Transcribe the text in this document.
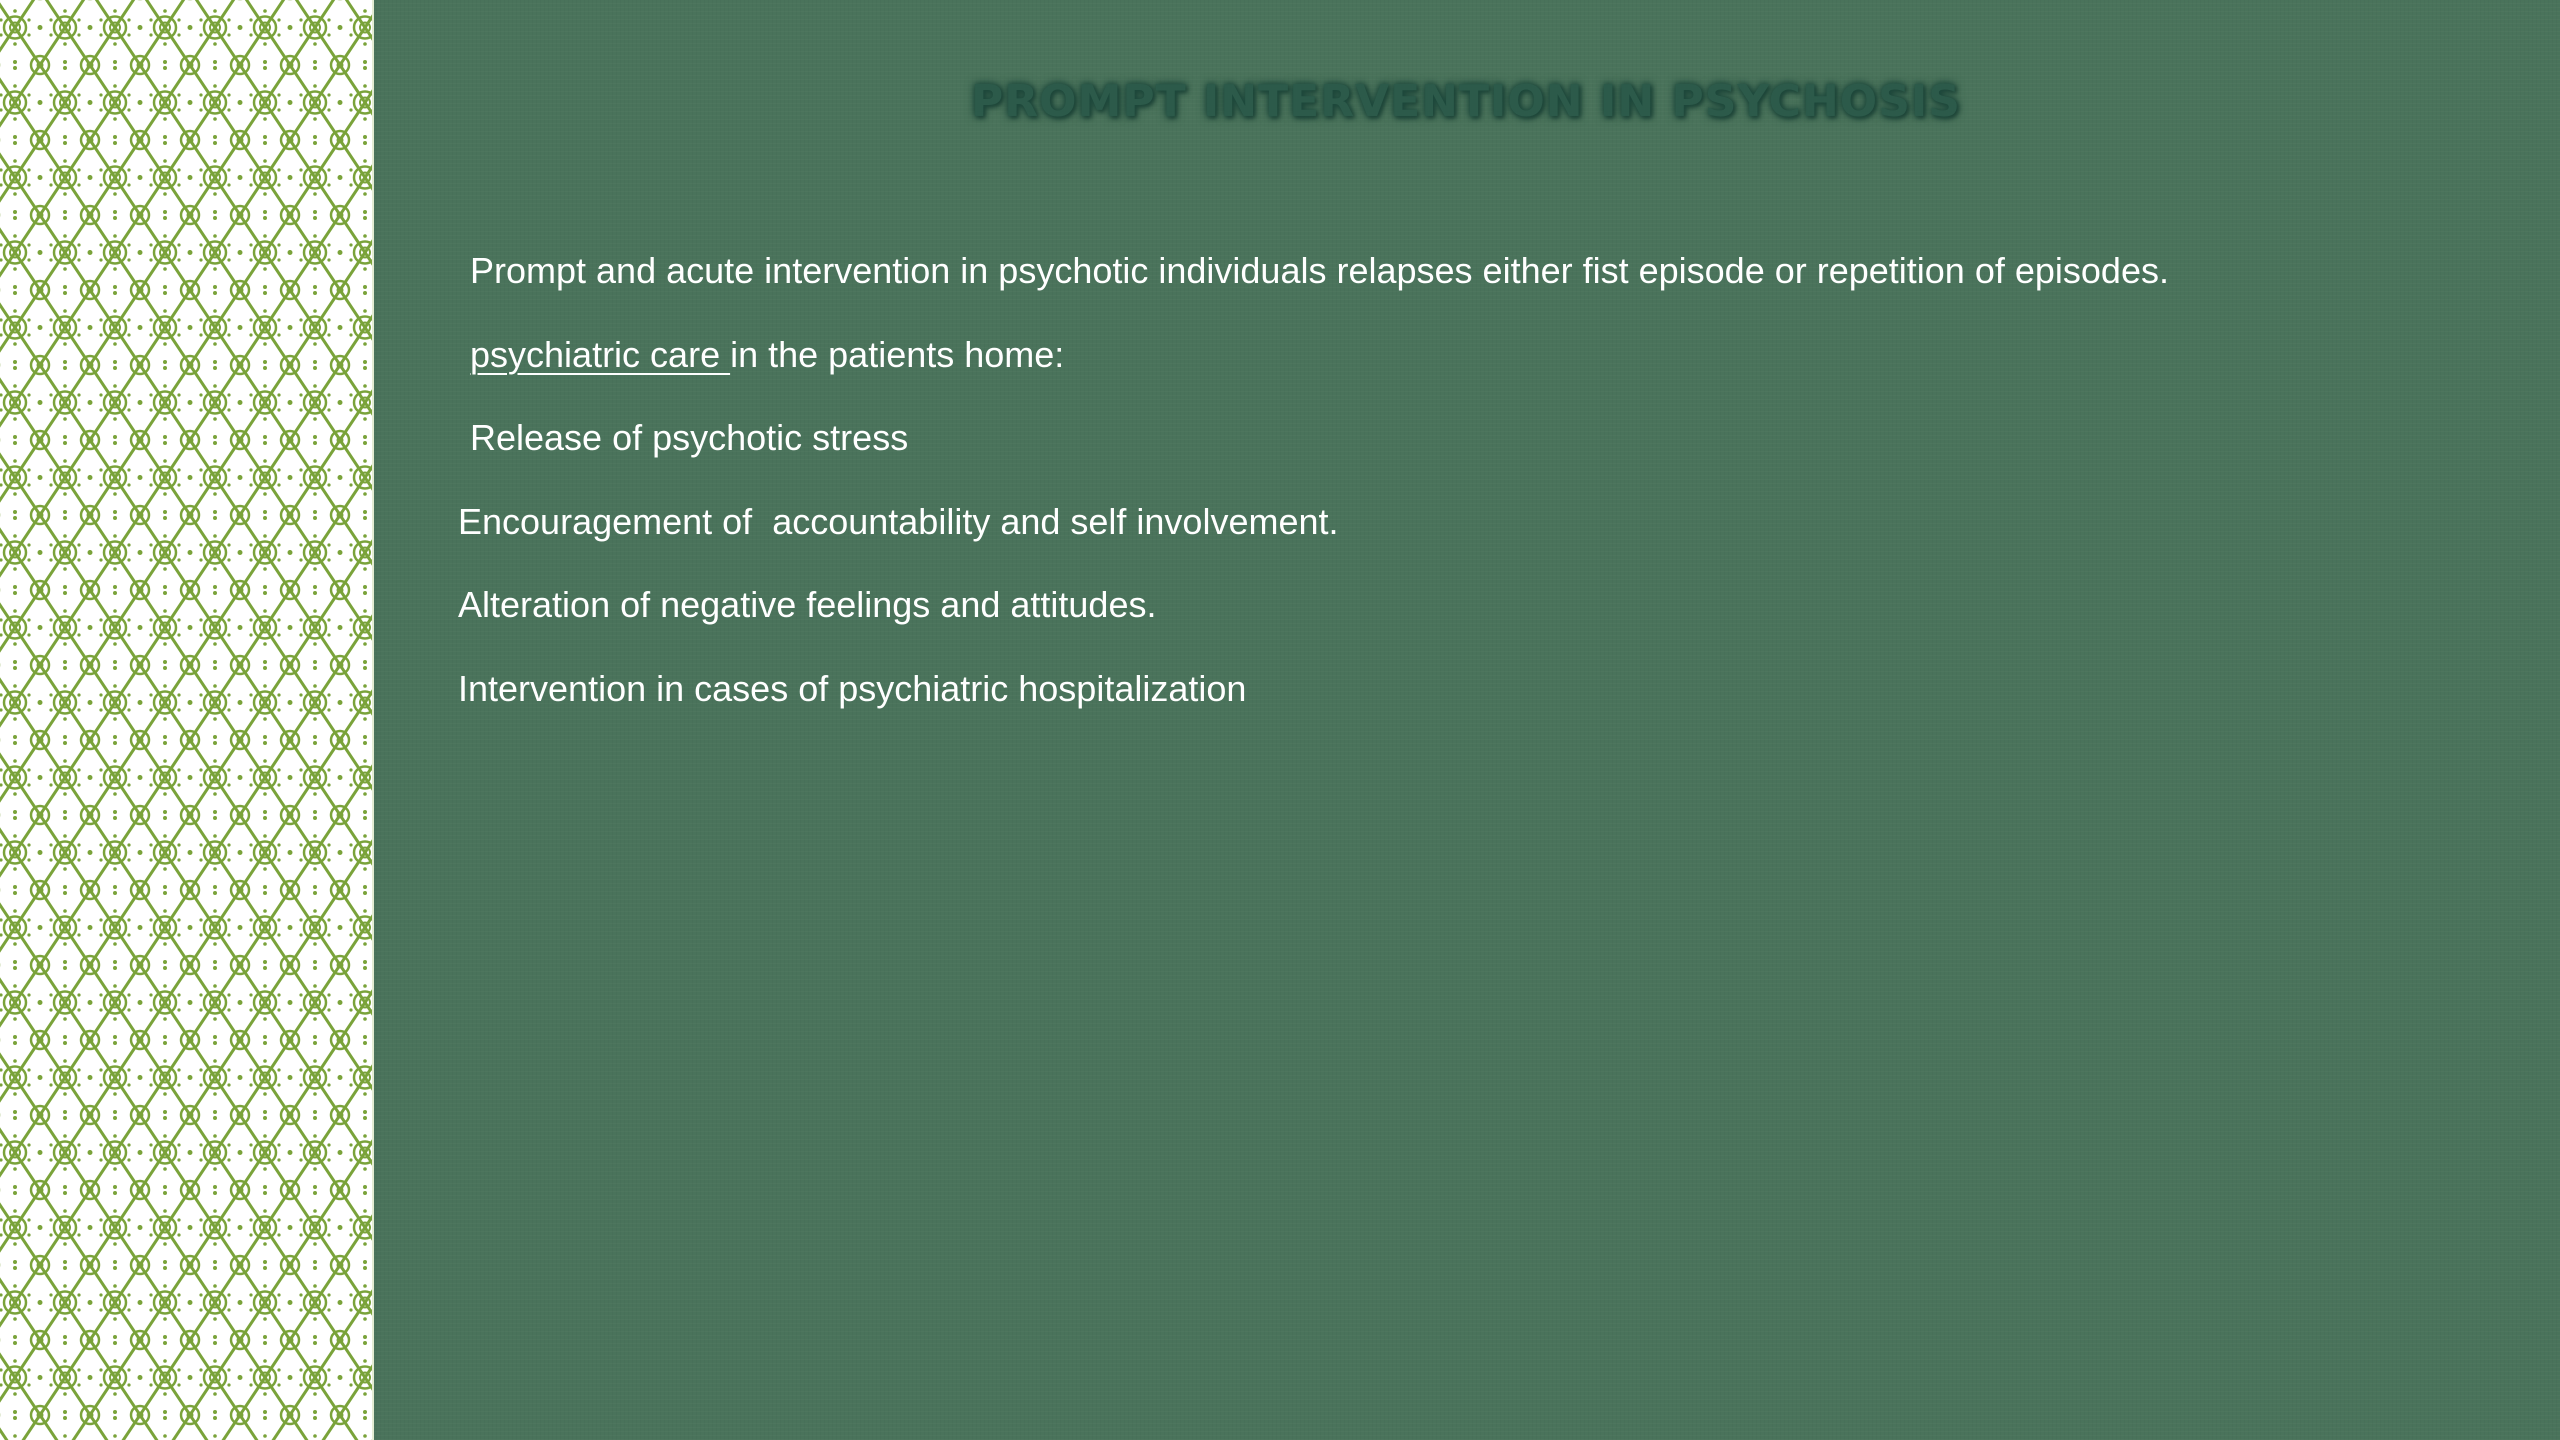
PROMPT INTERVENTION IN PSYCHOSIS
Prompt and acute intervention in psychotic individuals relapses either fist episode or repetition of episodes.
psychiatric care in the patients home:
Release of psychotic stress
Encouragement of  accountability and self involvement.
Alteration of negative feelings and attitudes.
Intervention in cases of psychiatric hospitalization
